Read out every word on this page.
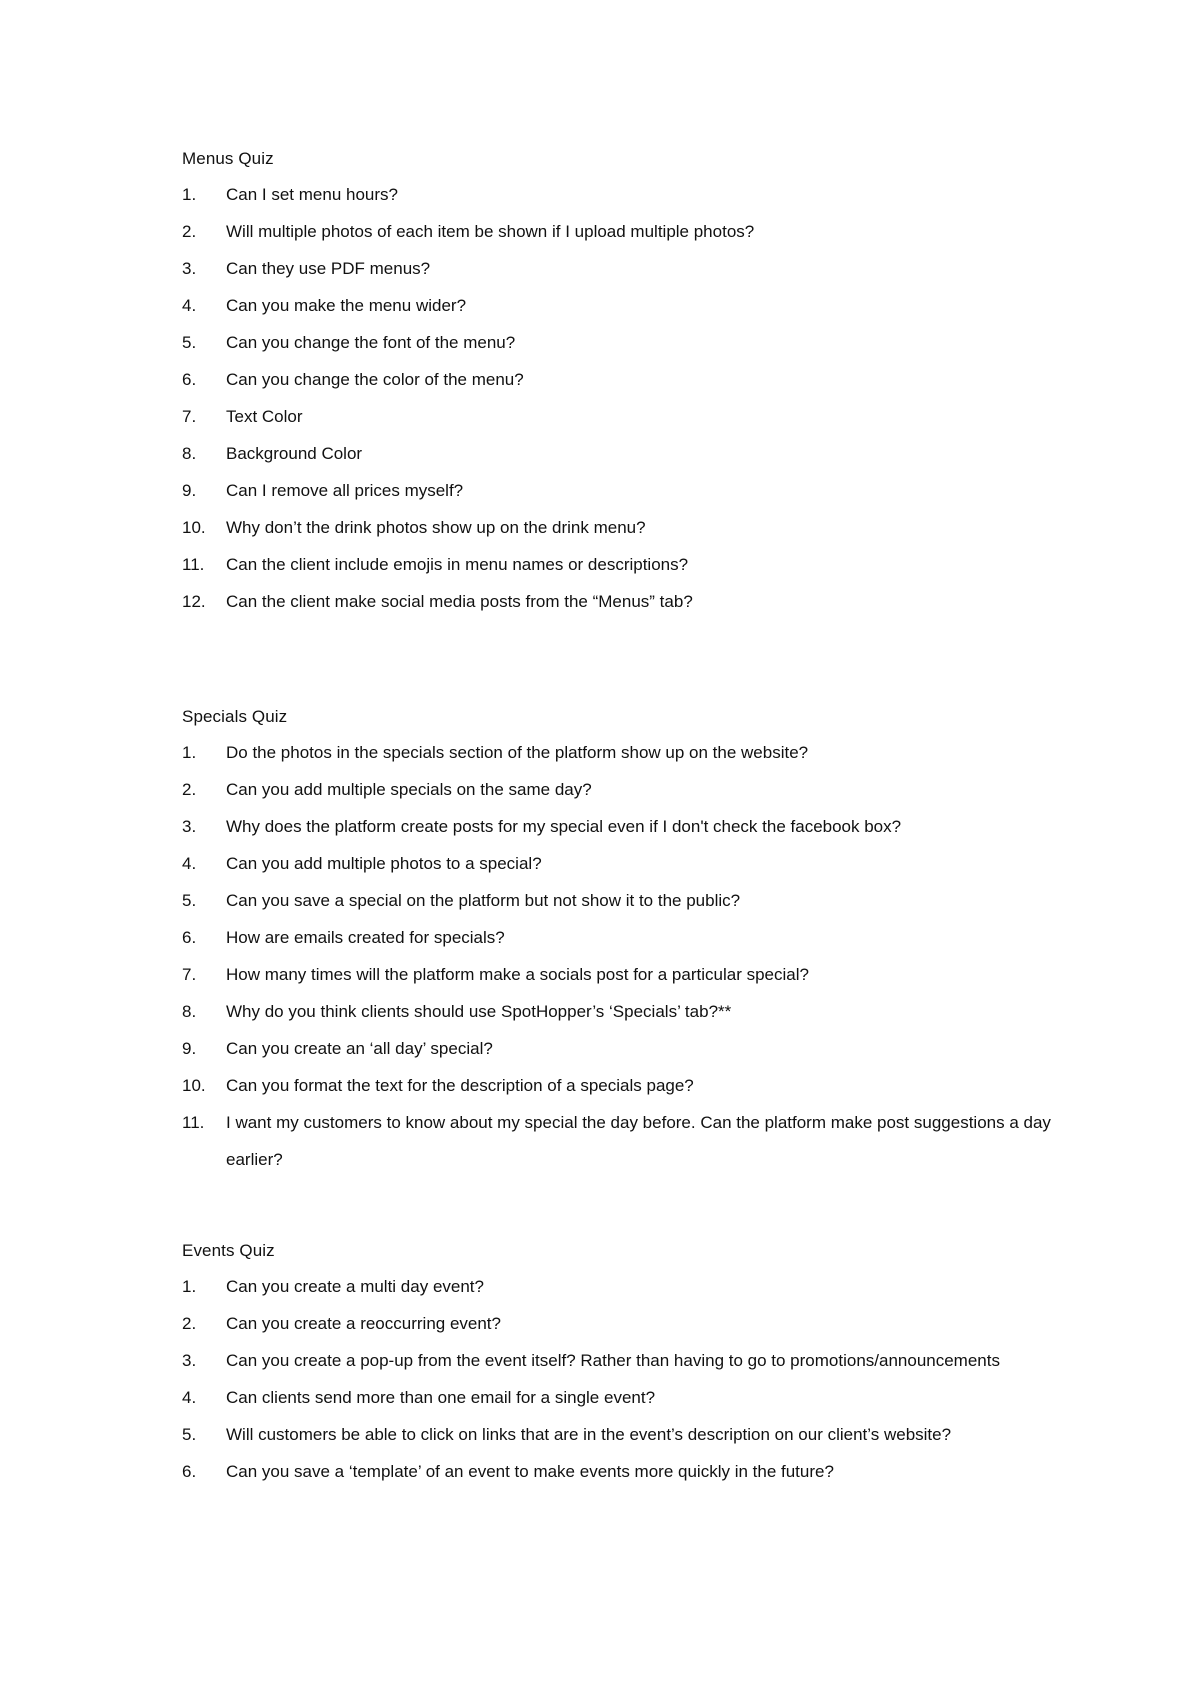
Menus Quiz
1.	Can I set menu hours?
2.	Will multiple photos of each item be shown if I upload multiple photos?
3.	Can they use PDF menus?
4.	Can you make the menu wider?
5.	Can you change the font of the menu?
6.	Can you change the color of the menu?
7.	Text Color
8.	Background Color
9.	Can I remove all prices myself?
10.	Why don’t the drink photos show up on the drink menu?
11.	Can the client include emojis in menu names or descriptions?
12.	Can the client make social media posts from the “Menus” tab?
Specials Quiz
1.	Do the photos in the specials section of the platform show up on the website?
2.	Can you add multiple specials on the same day?
3.	Why does the platform create posts for my special even if I don't check the facebook box?
4.	Can you add multiple photos to a special?
5.	Can you save a special on the platform but not show it to the public?
6.	How are emails created for specials?
7.	How many times will the platform make a socials post for a particular special?
8.	Why do you think clients should use SpotHopper’s ‘Specials’ tab?**
9.	Can you create an ‘all day’ special?
10.	Can you format the text for the description of a specials page?
11.	I want my customers to know about my special the day before. Can the platform make post suggestions a day earlier?
Events Quiz
1.	Can you create a multi day event?
2.	Can you create a reoccurring event?
3.	Can you create a pop-up from the event itself? Rather than having to go to promotions/announcements
4.	Can clients send more than one email for a single event?
5.	Will customers be able to click on links that are in the event’s description on our client’s website?
6.	Can you save a ‘template’ of an event to make events more quickly in the future?
